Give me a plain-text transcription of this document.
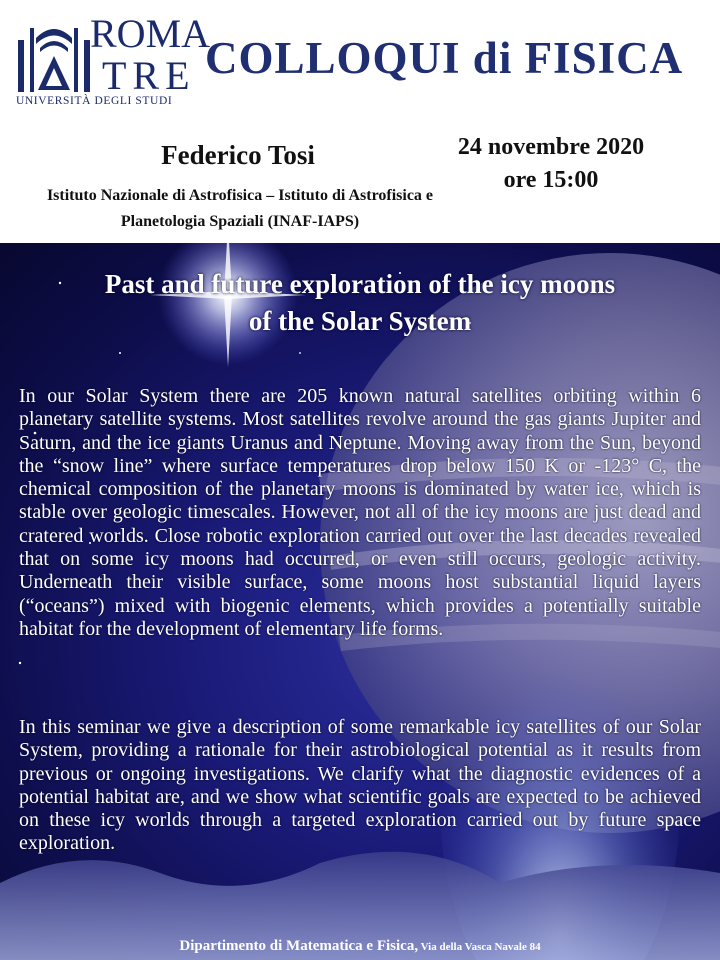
ROMA
TRE
UNIVERSITÀ DEGLI STUDI
COLLOQUI di FISICA
Federico Tosi
Istituto Nazionale di Astrofisica – Istituto di Astrofisica e Planetologia Spaziali (INAF-IAPS)
24 novembre 2020
ore 15:00
Past and future exploration of the icy moons
of the Solar System
In our Solar System there are 205 known natural satellites orbiting within 6 planetary satellite systems. Most satellites revolve around the gas giants Jupiter and Saturn, and the ice giants Uranus and Neptune. Moving away from the Sun, beyond the “snow line” where surface temperatures drop below 150 K or -123° C, the chemical composition of the planetary moons is dominated by water ice, which is stable over geologic timescales. However, not all of the icy moons are just dead and cratered worlds. Close robotic exploration carried out over the last decades revealed that on some icy moons had occurred, or even still occurs, geologic activity. Underneath their visible surface, some moons host substantial liquid layers (“oceans”) mixed with biogenic elements, which provides a potentially suitable habitat for the development of elementary life forms.
In this seminar we give a description of some remarkable icy satellites of our Solar System, providing a rationale for their astrobiological potential as it results from previous or ongoing investigations. We clarify what the diagnostic evidences of a potential habitat are, and we show what scientific goals are expected to be achieved on these icy worlds through a targeted exploration carried out by future space exploration.
Dipartimento di Matematica e Fisica, Via della Vasca Navale 84
